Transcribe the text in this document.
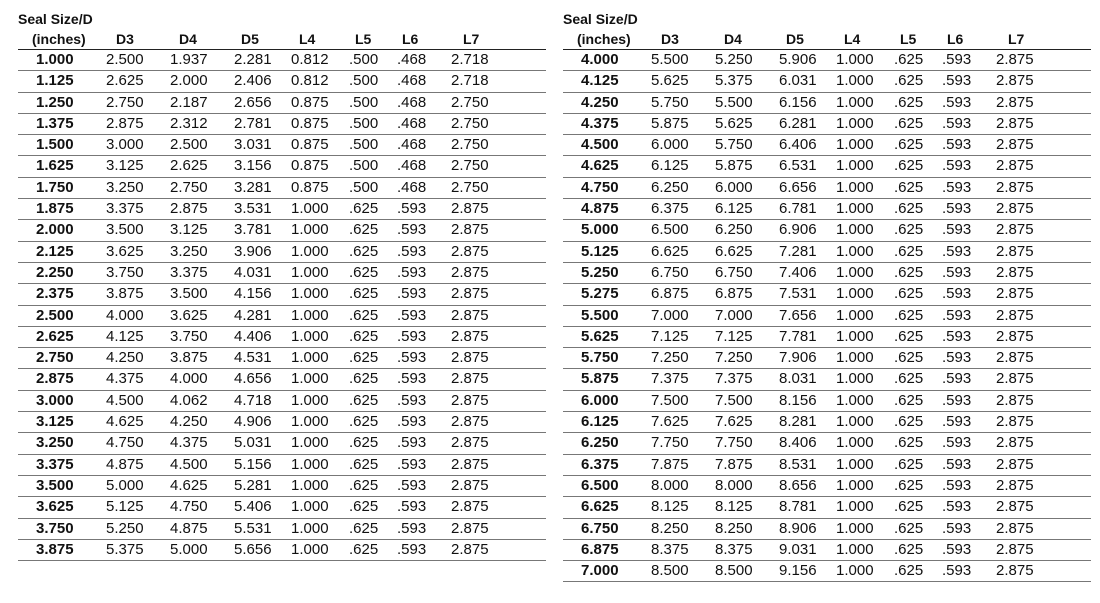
Seal Size/D							
(inches)	D3	D4	D5	L4	L5	L6	L7
1.000	2.500	1.937	2.281	0.812	.500	.468	2.718
1.125	2.625	2.000	2.406	0.812	.500	.468	2.718
1.250	2.750	2.187	2.656	0.875	.500	.468	2.750
1.375	2.875	2.312	2.781	0.875	.500	.468	2.750
1.500	3.000	2.500	3.031	0.875	.500	.468	2.750
1.625	3.125	2.625	3.156	0.875	.500	.468	2.750
1.750	3.250	2.750	3.281	0.875	.500	.468	2.750
1.875	3.375	2.875	3.531	1.000	.625	.593	2.875
2.000	3.500	3.125	3.781	1.000	.625	.593	2.875
2.125	3.625	3.250	3.906	1.000	.625	.593	2.875
2.250	3.750	3.375	4.031	1.000	.625	.593	2.875
2.375	3.875	3.500	4.156	1.000	.625	.593	2.875
2.500	4.000	3.625	4.281	1.000	.625	.593	2.875
2.625	4.125	3.750	4.406	1.000	.625	.593	2.875
2.750	4.250	3.875	4.531	1.000	.625	.593	2.875
2.875	4.375	4.000	4.656	1.000	.625	.593	2.875
3.000	4.500	4.062	4.718	1.000	.625	.593	2.875
3.125	4.625	4.250	4.906	1.000	.625	.593	2.875
3.250	4.750	4.375	5.031	1.000	.625	.593	2.875
3.375	4.875	4.500	5.156	1.000	.625	.593	2.875
3.500	5.000	4.625	5.281	1.000	.625	.593	2.875
3.625	5.125	4.750	5.406	1.000	.625	.593	2.875
3.750	5.250	4.875	5.531	1.000	.625	.593	2.875
3.875	5.375	5.000	5.656	1.000	.625	.593	2.875
Seal Size/D							
(inches)	D3	D4	D5	L4	L5	L6	L7
4.000	5.500	5.250	5.906	1.000	.625	.593	2.875
4.125	5.625	5.375	6.031	1.000	.625	.593	2.875
4.250	5.750	5.500	6.156	1.000	.625	.593	2.875
4.375	5.875	5.625	6.281	1.000	.625	.593	2.875
4.500	6.000	5.750	6.406	1.000	.625	.593	2.875
4.625	6.125	5.875	6.531	1.000	.625	.593	2.875
4.750	6.250	6.000	6.656	1.000	.625	.593	2.875
4.875	6.375	6.125	6.781	1.000	.625	.593	2.875
5.000	6.500	6.250	6.906	1.000	.625	.593	2.875
5.125	6.625	6.625	7.281	1.000	.625	.593	2.875
5.250	6.750	6.750	7.406	1.000	.625	.593	2.875
5.275	6.875	6.875	7.531	1.000	.625	.593	2.875
5.500	7.000	7.000	7.656	1.000	.625	.593	2.875
5.625	7.125	7.125	7.781	1.000	.625	.593	2.875
5.750	7.250	7.250	7.906	1.000	.625	.593	2.875
5.875	7.375	7.375	8.031	1.000	.625	.593	2.875
6.000	7.500	7.500	8.156	1.000	.625	.593	2.875
6.125	7.625	7.625	8.281	1.000	.625	.593	2.875
6.250	7.750	7.750	8.406	1.000	.625	.593	2.875
6.375	7.875	7.875	8.531	1.000	.625	.593	2.875
6.500	8.000	8.000	8.656	1.000	.625	.593	2.875
6.625	8.125	8.125	8.781	1.000	.625	.593	2.875
6.750	8.250	8.250	8.906	1.000	.625	.593	2.875
6.875	8.375	8.375	9.031	1.000	.625	.593	2.875
7.000	8.500	8.500	9.156	1.000	.625	.593	2.875
